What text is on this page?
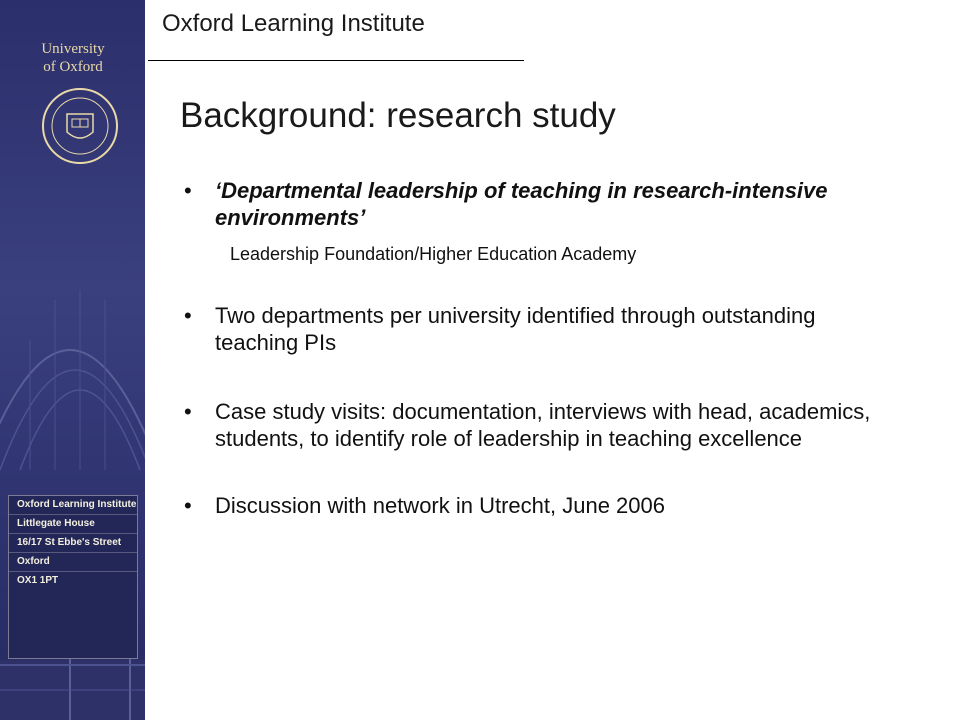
University
of Oxford
Oxford Learning Institute
Littlegate House
16/17 St Ebbe's Street
Oxford
OX1 1PT
Oxford Learning Institute
Background: research study
• ‘Departmental leadership of teaching in research-intensive environments’
Leadership Foundation/Higher Education Academy
• Two departments per university identified through outstanding teaching PIs
• Case study visits: documentation, interviews with head, academics, students, to identify role of leadership in teaching excellence
• Discussion with network in Utrecht, June 2006
